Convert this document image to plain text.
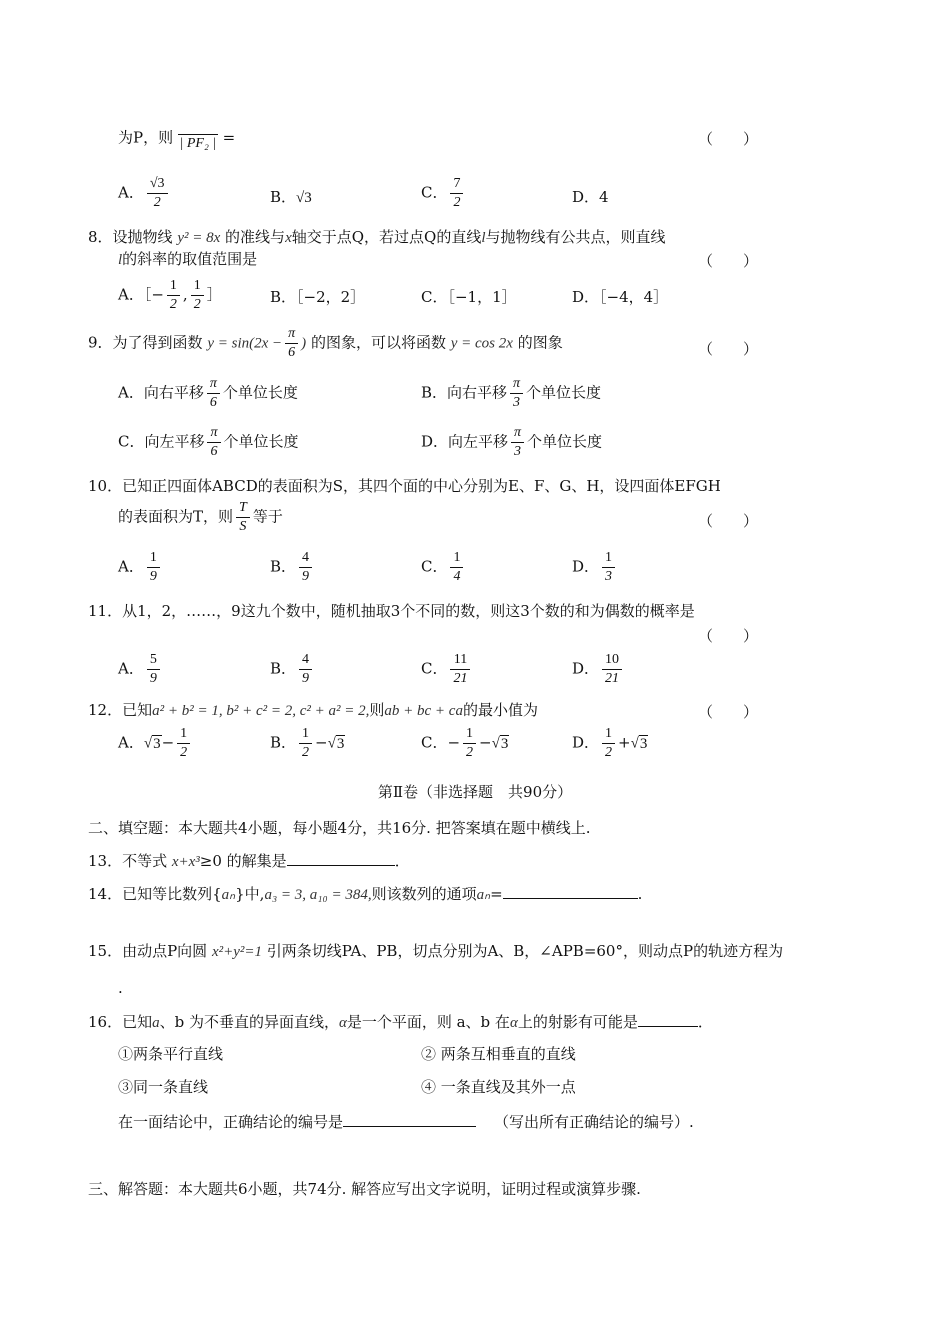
为P，则 | PF₂ | =	（　　）
A． $\frac{√3}{2}$	B．√3	C． $\frac{7}{2}$	D．4
8．设抛物线 y² = 8x 的准线与x轴交于点Q，若过点Q的直线l与抛物线有公共点，则直线
l的斜率的取值范围是	（　　）
A．［− $\frac{1}{2}$ , $\frac{1}{2}$ ］	B．［−2，2］	C．［−1，1］	D．［−4，4］
9．为了得到函数 $y = \sin(2x - \frac{\pi}{6}$ ) 的图象，可以将函数 y = cos 2x 的图象	（　　）
A．向右平移 $\frac{\pi}{6}$ 个单位长度	B．向右平移 $\frac{\pi}{3}$ 个单位长度
C．向左平移 $\frac{\pi}{6}$ 个单位长度	D．向左平移 $\frac{\pi}{3}$ 个单位长度
10．已知正四面体ABCD的表面积为S，其四个面的中心分别为E、F、G、H，设四面体EFGH
的表面积为T，则 $\frac{T}{S}$ 等于	（　　）
A． $\frac{1}{9}$	B． $\frac{4}{9}$	C． $\frac{1}{4}$	D． $\frac{1}{3}$
11．从1，2，……，9这九个数中，随机抽取3个不同的数，则这3个数的和为偶数的概率是
（　　）
A． $\frac{5}{9}$	B． $\frac{4}{9}$	C． $\frac{11}{21}$	D． $\frac{10}{21}$
12．已知a² + b² = 1, b² + c² = 2, c² + a² = 2,则ab + bc + ca的最小值为	（　　）
A．$√3- \frac{1}{2}$	B． $\frac{1}{2} -√3$	C．− $\frac{1}{2} -√3$	D． $\frac{1}{2} +√3$
第Ⅱ卷（非选择题　共90分）
二、填空题：本大题共4小题，每小题4分，共16分. 把答案填在题中横线上.
13．不等式 x+x³≥0 的解集是	．
14．已知等比数列{aₙ}中,a₃ = 3, a₁₀ = 384,则该数列的通项aₙ=	.
15．由动点P向圆 x²+y²=1 引两条切线PA、PB，切点分别为A、B，∠APB=60°，则动点P的轨迹方程为
.
16．已知a、b 为不垂直的异面直线，α是一个平面，则 a、b 在α上的射影有可能是	．
①两条平行直线	② 两条互相垂直的直线
③同一条直线	④ 一条直线及其外一点
在一面结论中，正确结论的编号是	（写出所有正确结论的编号）.
三、解答题：本大题共6小题，共74分. 解答应写出文字说明，证明过程或演算步骤.
